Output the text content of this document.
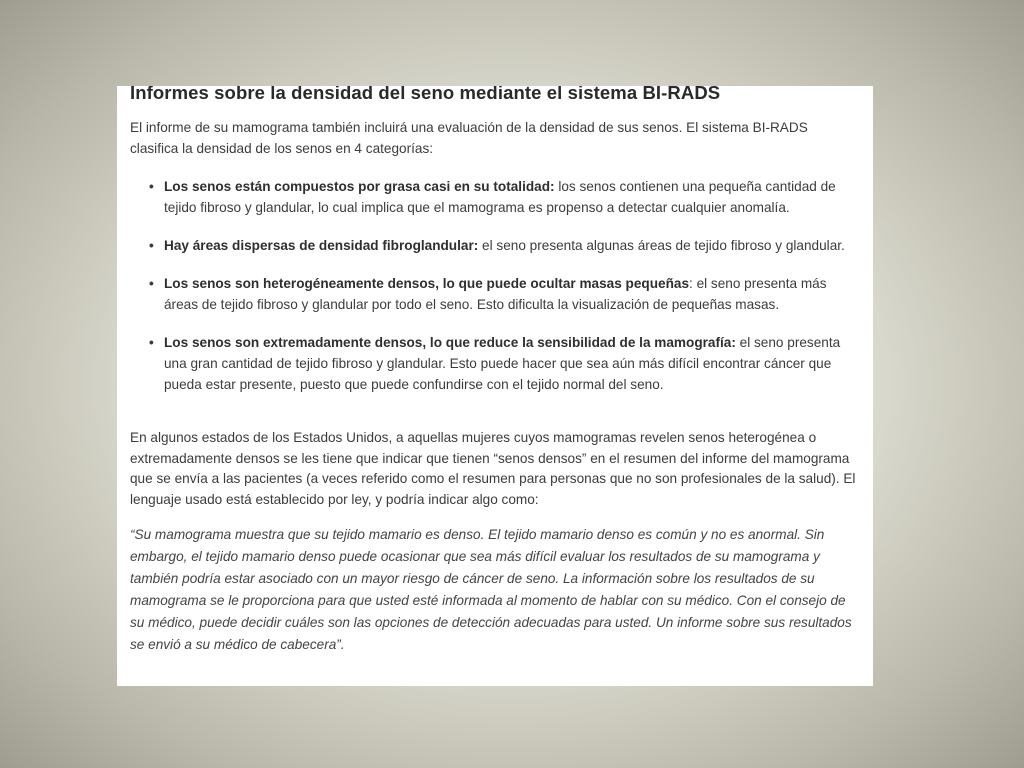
Informes sobre la densidad del seno mediante el sistema BI-RADS

El informe de su mamograma también incluirá una evaluación de la densidad de sus senos. El sistema BI-RADS clasifica la densidad de los senos en 4 categorías:

• Los senos están compuestos por grasa casi en su totalidad: los senos contienen una pequeña cantidad de tejido fibroso y glandular, lo cual implica que el mamograma es propenso a detectar cualquier anomalía.
• Hay áreas dispersas de densidad fibroglandular: el seno presenta algunas áreas de tejido fibroso y glandular.
• Los senos son heterogéneamente densos, lo que puede ocultar masas pequeñas: el seno presenta más áreas de tejido fibroso y glandular por todo el seno. Esto dificulta la visualización de pequeñas masas.
• Los senos son extremadamente densos, lo que reduce la sensibilidad de la mamografía: el seno presenta una gran cantidad de tejido fibroso y glandular. Esto puede hacer que sea aún más difícil encontrar cáncer que pueda estar presente, puesto que puede confundirse con el tejido normal del seno.

En algunos estados de los Estados Unidos, a aquellas mujeres cuyos mamogramas revelen senos heterogénea o extremadamente densos se les tiene que indicar que tienen “senos densos” en el resumen del informe del mamograma que se envía a las pacientes (a veces referido como el resumen para personas que no son profesionales de la salud). El lenguaje usado está establecido por ley, y podría indicar algo como:

“Su mamograma muestra que su tejido mamario es denso. El tejido mamario denso es común y no es anormal. Sin embargo, el tejido mamario denso puede ocasionar que sea más difícil evaluar los resultados de su mamograma y también podría estar asociado con un mayor riesgo de cáncer de seno. La información sobre los resultados de su mamograma se le proporciona para que usted esté informada al momento de hablar con su médico. Con el consejo de su médico, puede decidir cuáles son las opciones de detección adecuadas para usted. Un informe sobre sus resultados se envió a su médico de cabecera”.
